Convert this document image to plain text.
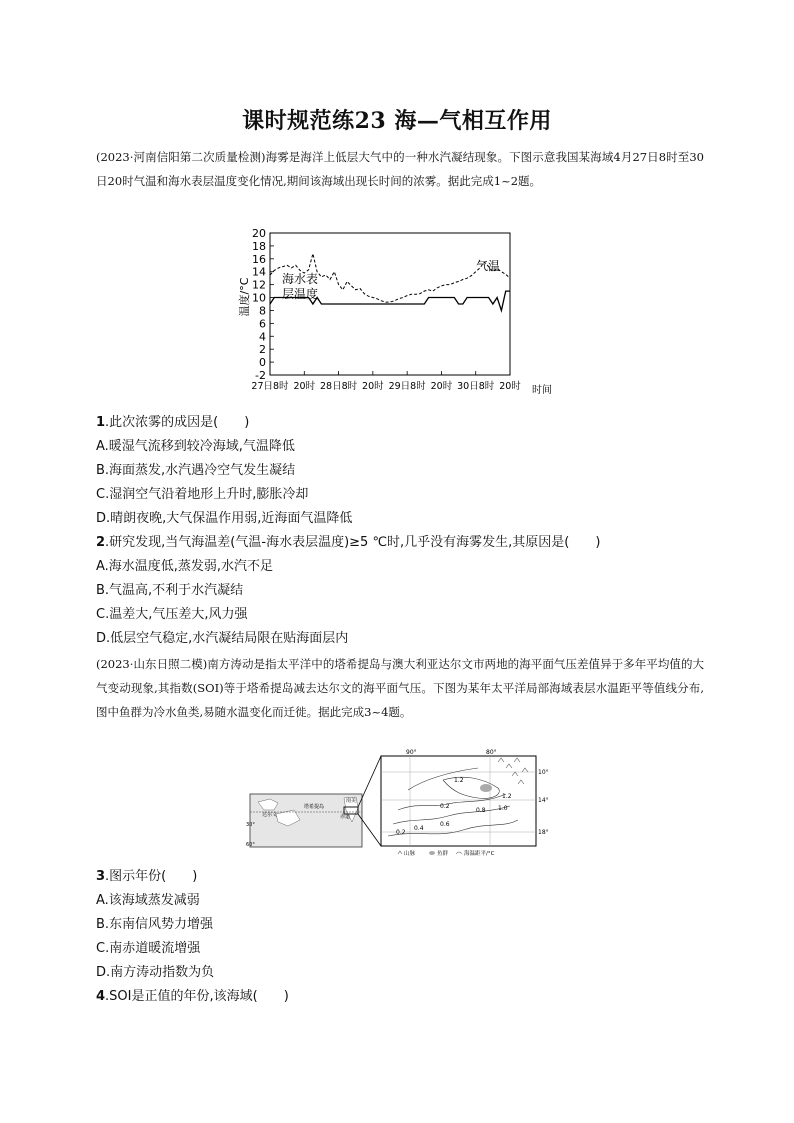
课时规范练23 海—气相互作用
(2023·河南信阳第二次质量检测)海雾是海洋上低层大气中的一种水汽凝结现象。下图示意我国某海域4月27日8时至30日20时气温和海水表层温度变化情况,期间该海域出现长时间的浓雾。据此完成1~2题。
-2
0
2
4
6
8
10
12
14
16
18
20
27日8时 20时 28日8时 20时 29日8时 20时 30日8时 20时
温度/°C	海水表
层温度
气温
时间
1.此次浓雾的成因是(　　)
A.暖湿气流移到较冷海域,气温降低
B.海面蒸发,水汽遇冷空气发生凝结
C.湿润空气沿着地形上升时,膨胀冷却
D.晴朗夜晚,大气保温作用弱,近海面气温降低
2.研究发现,当气海温差(气温-海水表层温度)≥5 ℃时,几乎没有海雾发生,其原因是(　　)
A.海水温度低,蒸发弱,水汽不足
B.气温高,不利于水汽凝结
C.温差大,气压差大,风力强
D.低层空气稳定,水汽凝结局限在贴海面层内
(2023·山东日照二模)南方涛动是指太平洋中的塔希提岛与澳大利亚达尔文市两地的海平面气压差值异于多年平均值的大气变动现象,其指数(SOI)等于塔希提岛减去达尔文的海平面气压。下图为某年太平洋局部海域表层水温距平等值线分布,图中鱼群为冷水鱼类,易随水温变化而迁徙。据此完成3~4题。
塔希提岛
达尔文	赤道
南美
30°
60°
90°	80°
10°
14°
18°
1.2
1.2
1.0
0.8
0.6
0.4
0.2
0.2
山脉	鱼群	海温距平/°C
3.图示年份(　　)
A.该海域蒸发减弱
B.东南信风势力增强
C.南赤道暖流增强
D.南方涛动指数为负
4.SOI是正值的年份,该海域(　　)
